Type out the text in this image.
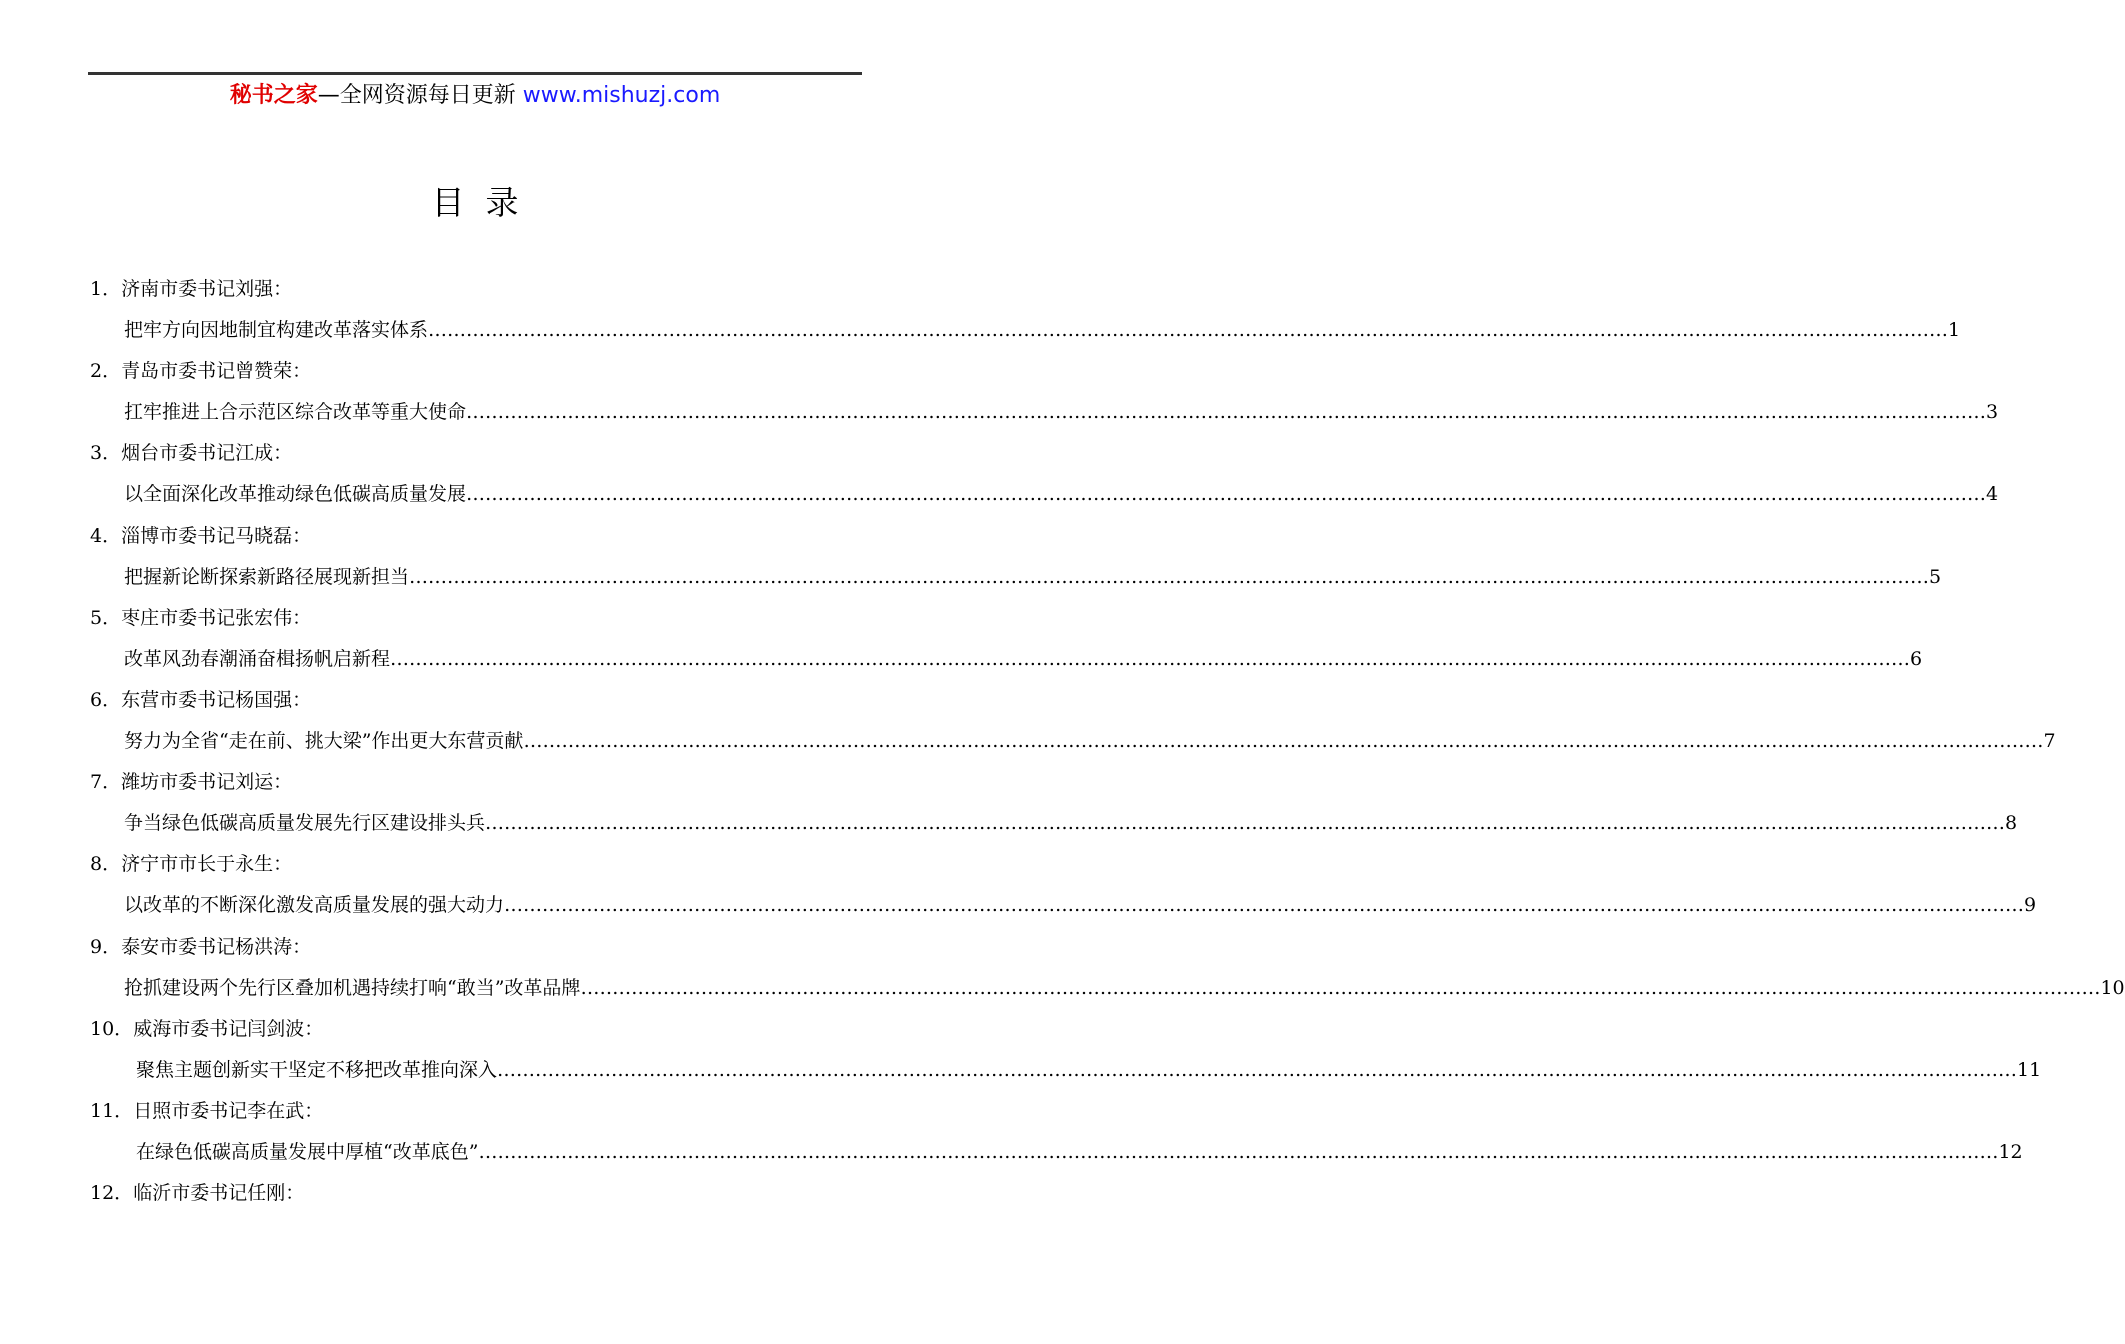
秘书之家—全网资源每日更新 www.mishuzj.com
目  录
1．济南市委书记刘强：
把牢方向因地制宜构建改革落实体系 …………………………………………………………………………………………………………………………………………………………………………………………………………………… 1
2．青岛市委书记曾赞荣：
扛牢推进上合示范区综合改革等重大使命 …………………………………………………………………………………………………………………………………………………………………………………………………………………… 3
3．烟台市委书记江成：
以全面深化改革推动绿色低碳高质量发展 …………………………………………………………………………………………………………………………………………………………………………………………………………………… 4
4．淄博市委书记马晓磊：
把握新论断探索新路径展现新担当 …………………………………………………………………………………………………………………………………………………………………………………………………………………… 5
5．枣庄市委书记张宏伟：
改革风劲春潮涌奋楫扬帆启新程 …………………………………………………………………………………………………………………………………………………………………………………………………………………… 6
6．东营市委书记杨国强：
努力为全省“走在前、挑大梁”作出更大东营贡献 …………………………………………………………………………………………………………………………………………………………………………………………………………………… 7
7．潍坊市委书记刘运：
争当绿色低碳高质量发展先行区建设排头兵 …………………………………………………………………………………………………………………………………………………………………………………………………………………… 8
8．济宁市市长于永生：
以改革的不断深化激发高质量发展的强大动力 …………………………………………………………………………………………………………………………………………………………………………………………………………………… 9
9．泰安市委书记杨洪涛：
抢抓建设两个先行区叠加机遇持续打响“敢当”改革品牌 …………………………………………………………………………………………………………………………………………………………………………………………………………………… 10
10．威海市委书记闫剑波：
聚焦主题创新实干坚定不移把改革推向深入 …………………………………………………………………………………………………………………………………………………………………………………………………………………… 11
11．日照市委书记李在武：
在绿色低碳高质量发展中厚植“改革底色” …………………………………………………………………………………………………………………………………………………………………………………………………………………… 12
12．临沂市委书记任刚：
